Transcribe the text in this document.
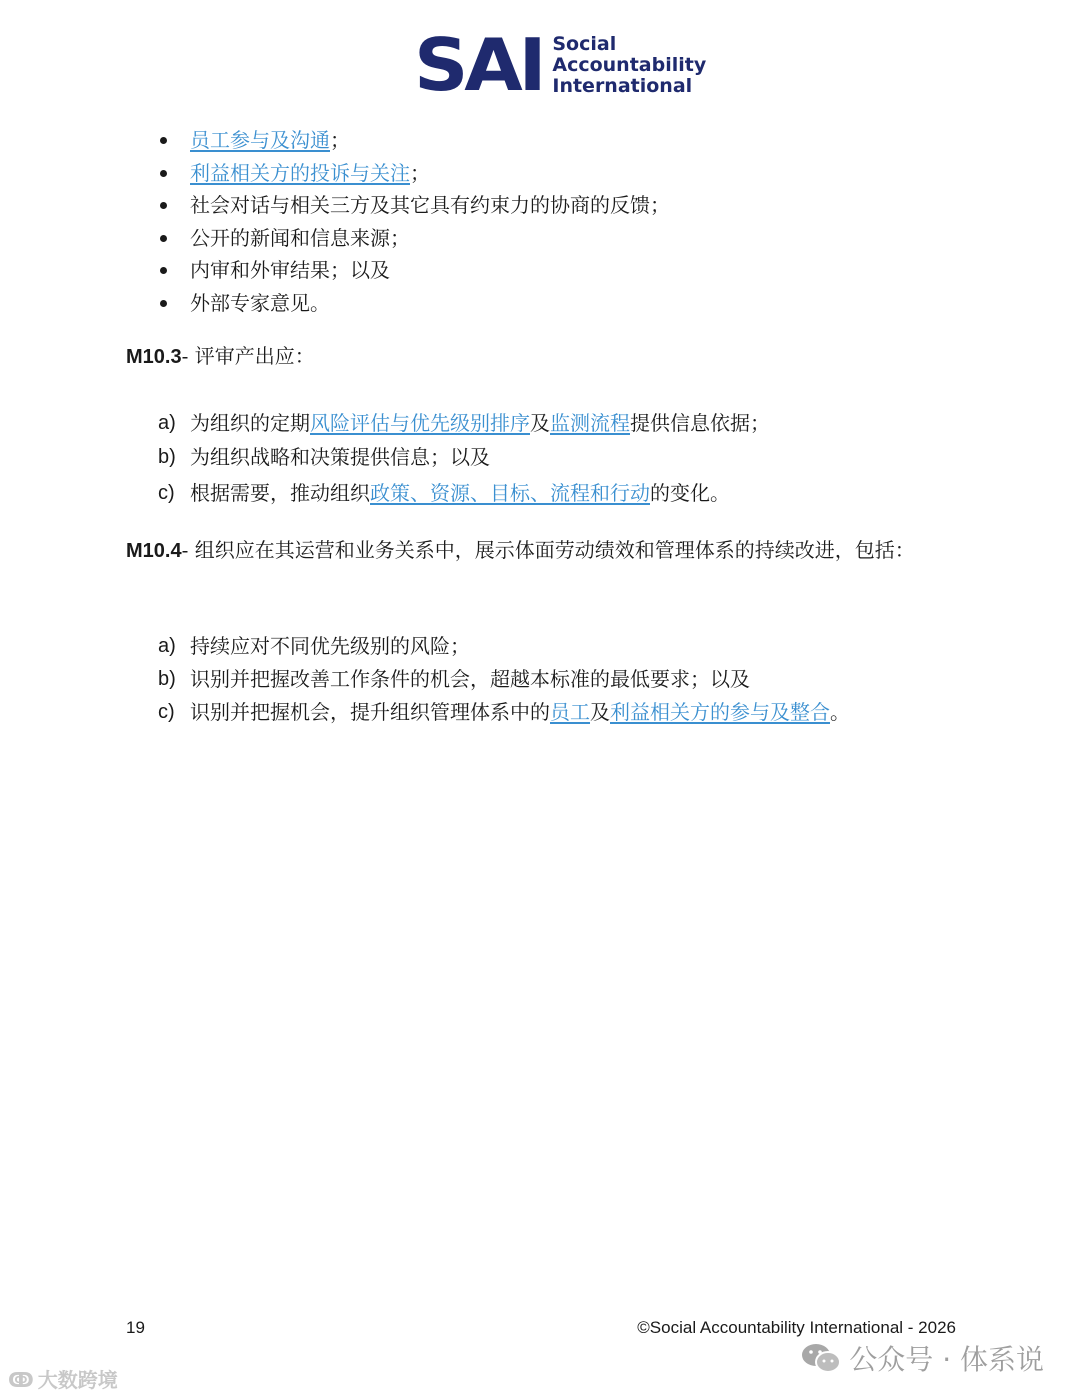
SAI Social
Accountability
International
员工参与及沟通；
利益相关方的投诉与关注；
社会对话与相关三方及其它具有约束力的协商的反馈；
公开的新闻和信息来源；
内审和外审结果；以及
外部专家意见。
M10.3- 评审产出应：
a) 为组织的定期风险评估与优先级别排序及监测流程提供信息依据；
b) 为组织战略和决策提供信息；以及
c) 根据需要，推动组织政策、资源、目标、流程和行动的变化。
M10.4- 组织应在其运营和业务关系中，展示体面劳动绩效和管理体系的持续改进，包括：
a) 持续应对不同优先级别的风险；
b) 识别并把握改善工作条件的机会，超越本标准的最低要求；以及
c) 识别并把握机会，提升组织管理体系中的员工及利益相关方的参与及整合。
19	©Social Accountability International - 2026
ↂ 大数跨境
公众号 · 体系说
